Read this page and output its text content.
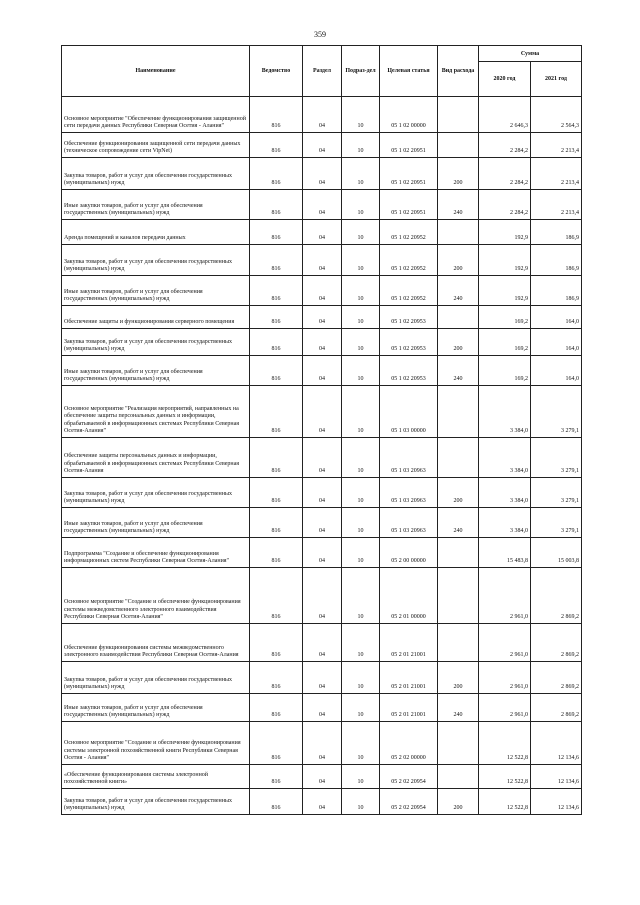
359
Наименование	Ведомство	Раздел	Подраз-дел	Целевая статья	Вид расхода	Сумма	
						2020 год	2021 год
Основное мероприятие "Обеспечение функционирования защищенной сети передачи данных Республики Северная Осетия - Алания"	816	04	10	05 1 02 00000		2 646,3	2 564,3
Обеспечение функционирования защищенной сети передачи данных (техническое сопровождение сети VipNet)	816	04	10	05 1 02 20951		2 284,2	2 213,4
Закупка товаров, работ и услуг для обеспечения государственных (муниципальных) нужд	816	04	10	05 1 02 20951	200	2 284,2	2 213,4
Иные закупки товаров, работ и услуг для обеспечения государственных (муниципальных) нужд	816	04	10	05 1 02 20951	240	2 284,2	2 213,4
Аренда помещений и каналов передачи данных	816	04	10	05 1 02 20952		192,9	186,9
Закупка товаров, работ и услуг для обеспечения государственных (муниципальных) нужд	816	04	10	05 1 02 20952	200	192,9	186,9
Иные закупки товаров, работ и услуг для обеспечения государственных (муниципальных) нужд	816	04	10	05 1 02 20952	240	192,9	186,9
Обеспечение защиты и функционирования серверного помещения	816	04	10	05 1 02 20953		169,2	164,0
Закупка товаров, работ и услуг для обеспечения государственных (муниципальных) нужд	816	04	10	05 1 02 20953	200	169,2	164,0
Иные закупки товаров, работ и услуг для обеспечения государственных (муниципальных) нужд	816	04	10	05 1 02 20953	240	169,2	164,0
Основное мероприятие "Реализация мероприятий, направленных на обеспечение защиты персональных данных и информации, обрабатываемой в информационных системах Республики Северная Осетия-Алания"	816	04	10	05 1 03 00000		3 384,0	3 279,1
Обеспечение защиты персональных данных и информации, обрабатываемой в информационных системах Республики Северная Осетия-Алания	816	04	10	05 1 03 20963		3 384,0	3 279,1
Закупка товаров, работ и услуг для обеспечения государственных (муниципальных) нужд	816	04	10	05 1 03 20963	200	3 384,0	3 279,1
Иные закупки товаров, работ и услуг для обеспечения государственных (муниципальных) нужд	816	04	10	05 1 03 20963	240	3 384,0	3 279,1
Подпрограмма "Создание и обеспечение функционирования информационных систем Республики Северная Осетия-Алания"	816	04	10	05 2 00 00000		15 483,8	15 003,8
Основное мероприятие "Создание и обеспечение функционирования системы межведомственного электронного взаимодействия Республики Северная Осетия-Алания"	816	04	10	05 2 01 00000		2 961,0	2 869,2
Обеспечение функционирования системы межведомственного электронного взаимодействия Республики Северная Осетия-Алания	816	04	10	05 2 01 21001		2 961,0	2 869,2
Закупка товаров, работ и услуг для обеспечения государственных (муниципальных) нужд	816	04	10	05 2 01 21001	200	2 961,0	2 869,2
Иные закупки товаров, работ и услуг для обеспечения государственных (муниципальных) нужд	816	04	10	05 2 01 21001	240	2 961,0	2 869,2
Основное мероприятие "Создание и обеспечение функционирования системы электронной похозяйственной книги Республики Северная Осетия - Алания"	816	04	10	05 2 02 00000		12 522,8	12 134,6
«Обеспечение функционирования системы электронной похозяйственной книги»	816	04	10	05 2 02 20954		12 522,8	12 134,6
Закупка товаров, работ и услуг для обеспечения государственных (муниципальных) нужд	816	04	10	05 2 02 20954	200	12 522,8	12 134,6
